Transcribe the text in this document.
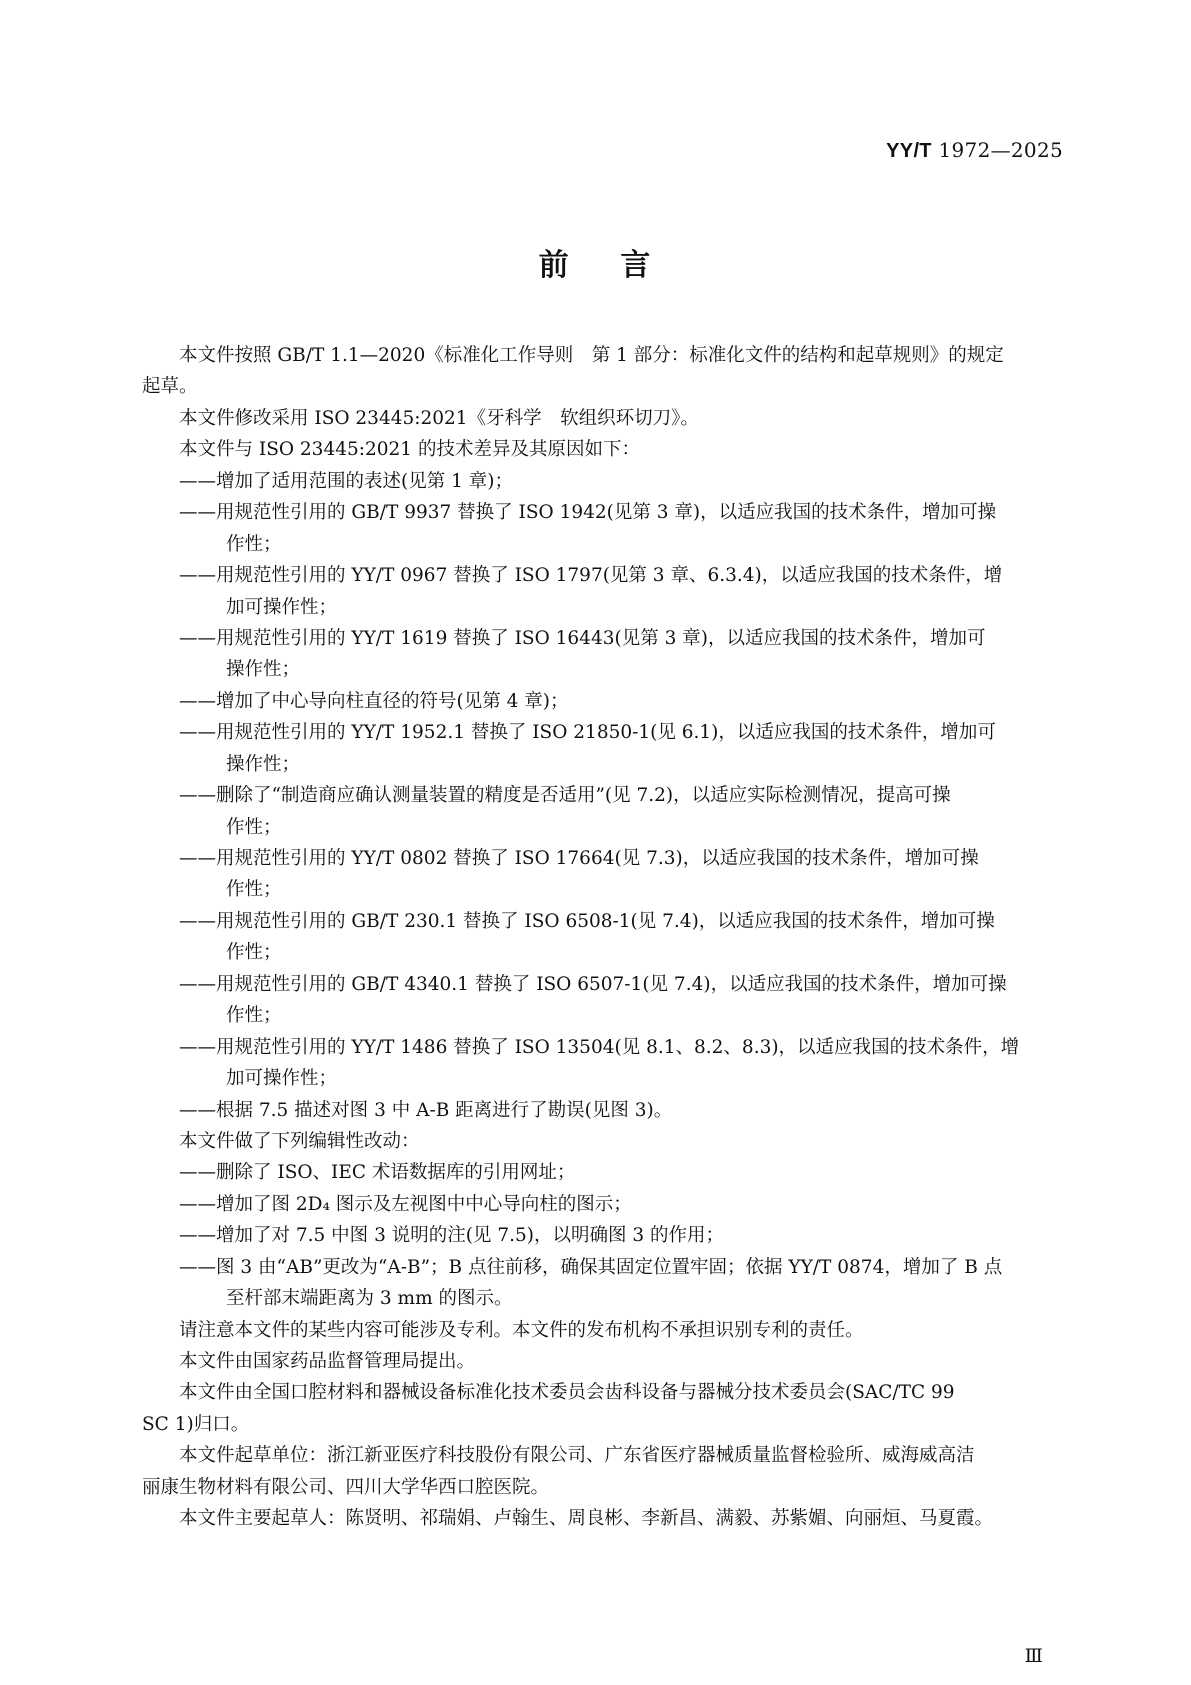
YY/T 1972—2025
前    言
本文件按照 GB/T 1.1—2020《标准化工作导则　第 1 部分：标准化文件的结构和起草规则》的规定
起草。
本文件修改采用 ISO 23445:2021《牙科学　软组织环切刀》。
本文件与 ISO 23445:2021 的技术差异及其原因如下：
——增加了适用范围的表述(见第 1 章)；
——用规范性引用的 GB/T 9937 替换了 ISO 1942(见第 3 章)，以适应我国的技术条件，增加可操
作性；
——用规范性引用的 YY/T 0967 替换了 ISO 1797(见第 3 章、6.3.4)，以适应我国的技术条件，增
加可操作性；
——用规范性引用的 YY/T 1619 替换了 ISO 16443(见第 3 章)，以适应我国的技术条件，增加可
操作性；
——增加了中心导向柱直径的符号(见第 4 章)；
——用规范性引用的 YY/T 1952.1 替换了 ISO 21850-1(见 6.1)，以适应我国的技术条件，增加可
操作性；
——删除了“制造商应确认测量装置的精度是否适用”(见 7.2)，以适应实际检测情况，提高可操
作性；
——用规范性引用的 YY/T 0802 替换了 ISO 17664(见 7.3)，以适应我国的技术条件，增加可操
作性；
——用规范性引用的 GB/T 230.1 替换了 ISO 6508-1(见 7.4)，以适应我国的技术条件，增加可操
作性；
——用规范性引用的 GB/T 4340.1 替换了 ISO 6507-1(见 7.4)，以适应我国的技术条件，增加可操
作性；
——用规范性引用的 YY/T 1486 替换了 ISO 13504(见 8.1、8.2、8.3)，以适应我国的技术条件，增
加可操作性；
——根据 7.5 描述对图 3 中 A-B 距离进行了勘误(见图 3)。
本文件做了下列编辑性改动：
——删除了 ISO、IEC 术语数据库的引用网址；
——增加了图 2D₄ 图示及左视图中中心导向柱的图示；
——增加了对 7.5 中图 3 说明的注(见 7.5)，以明确图 3 的作用；
——图 3 由“AB”更改为“A-B”；B 点往前移，确保其固定位置牢固；依据 YY/T 0874，增加了 B 点
至杆部末端距离为 3 mm 的图示。
请注意本文件的某些内容可能涉及专利。本文件的发布机构不承担识别专利的责任。
本文件由国家药品监督管理局提出。
本文件由全国口腔材料和器械设备标准化技术委员会齿科设备与器械分技术委员会(SAC/TC 99
SC 1)归口。
本文件起草单位：浙江新亚医疗科技股份有限公司、广东省医疗器械质量监督检验所、威海威高洁
丽康生物材料有限公司、四川大学华西口腔医院。
本文件主要起草人：陈贤明、祁瑞娟、卢翰生、周良彬、李新昌、满毅、苏紫媚、向丽烜、马夏霞。
Ⅲ
